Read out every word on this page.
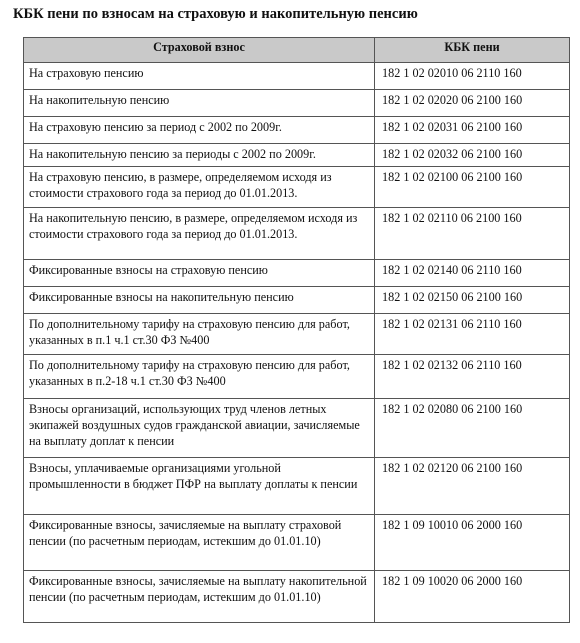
КБК пени по взносам на страховую и накопительную пенсию
Страховой взнос	КБК пени
На страховую пенсию	182 1 02 02010 06 2110 160
На накопительную пенсию	182 1 02 02020 06 2100 160
На страховую пенсию за период с 2002 по 2009г.	182 1 02 02031 06 2100 160
На накопительную пенсию за периоды с 2002 по 2009г.	182 1 02 02032 06 2100 160
На страховую пенсию, в размере, определяемом исходя из стоимости страхового года за период до 01.01.2013.	182 1 02 02100 06 2100 160
На накопительную пенсию, в размере, определяемом исходя из стоимости страхового года за период до 01.01.2013.	182 1 02 02110 06 2100 160
Фиксированные взносы на страховую пенсию	182 1 02 02140 06 2110 160
Фиксированные взносы на накопительную пенсию	182 1 02 02150 06 2100 160
По дополнительному тарифу на страховую пенсию для работ, указанных в п.1 ч.1 ст.30 ФЗ №400	182 1 02 02131 06 2110 160
По дополнительному тарифу на страховую пенсию для работ, указанных в п.2-18 ч.1 ст.30 ФЗ №400	182 1 02 02132 06 2110 160
Взносы организаций, использующих труд членов летных экипажей воздушных судов гражданской авиации, зачисляемые на выплату доплат к пенсии	182 1 02 02080 06 2100 160
Взносы, уплачиваемые организациями угольной промышленности в бюджет ПФР на выплату доплаты к пенсии	182 1 02 02120 06 2100 160
Фиксированные взносы, зачисляемые на выплату страховой пенсии (по расчетным периодам, истекшим до 01.01.10)	182 1 09 10010 06 2000 160
Фиксированные взносы, зачисляемые на выплату накопительной пенсии (по расчетным периодам, истекшим до 01.01.10)	182 1 09 10020 06 2000 160
